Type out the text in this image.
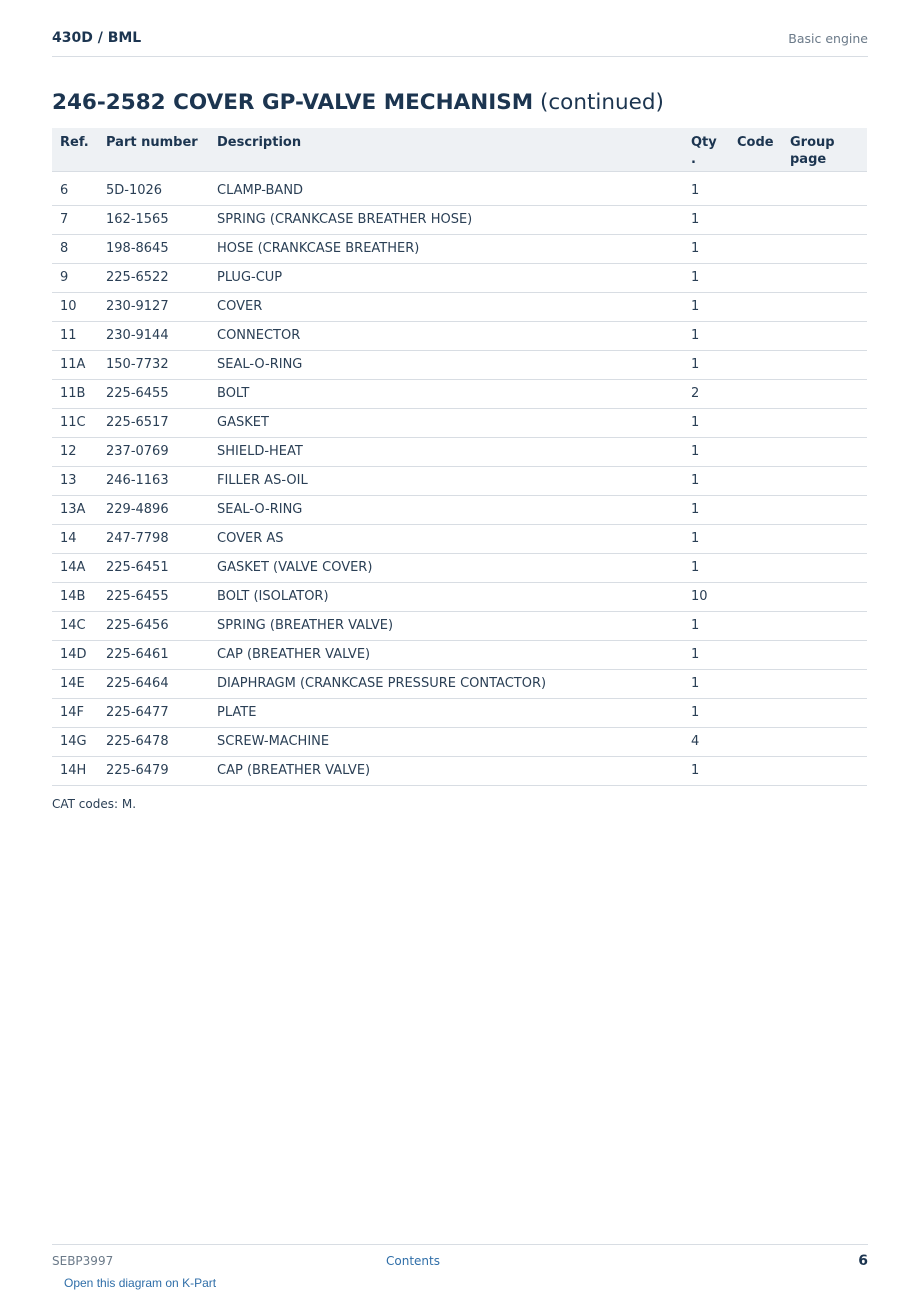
430D / BML	Basic engine
246-2582 COVER GP-VALVE MECHANISM (continued)
Ref.	Part number	Description	Qty .	Code	Group page
6	5D-1026	CLAMP-BAND	1		
7	162-1565	SPRING (CRANKCASE BREATHER HOSE)	1		
8	198-8645	HOSE (CRANKCASE BREATHER)	1		
9	225-6522	PLUG-CUP	1		
10	230-9127	COVER	1		
11	230-9144	CONNECTOR	1		
11A	150-7732	SEAL-O-RING	1		
11B	225-6455	BOLT	2		
11C	225-6517	GASKET	1		
12	237-0769	SHIELD-HEAT	1		
13	246-1163	FILLER AS-OIL	1		
13A	229-4896	SEAL-O-RING	1		
14	247-7798	COVER AS	1		
14A	225-6451	GASKET (VALVE COVER)	1		
14B	225-6455	BOLT (ISOLATOR)	10		
14C	225-6456	SPRING (BREATHER VALVE)	1		
14D	225-6461	CAP (BREATHER VALVE)	1		
14E	225-6464	DIAPHRAGM (CRANKCASE PRESSURE CONTACTOR)	1		
14F	225-6477	PLATE	1		
14G	225-6478	SCREW-MACHINE	4		
14H	225-6479	CAP (BREATHER VALVE)	1		
CAT codes: M.
SEBP3997	Contents	6
Open this diagram on K-Part
